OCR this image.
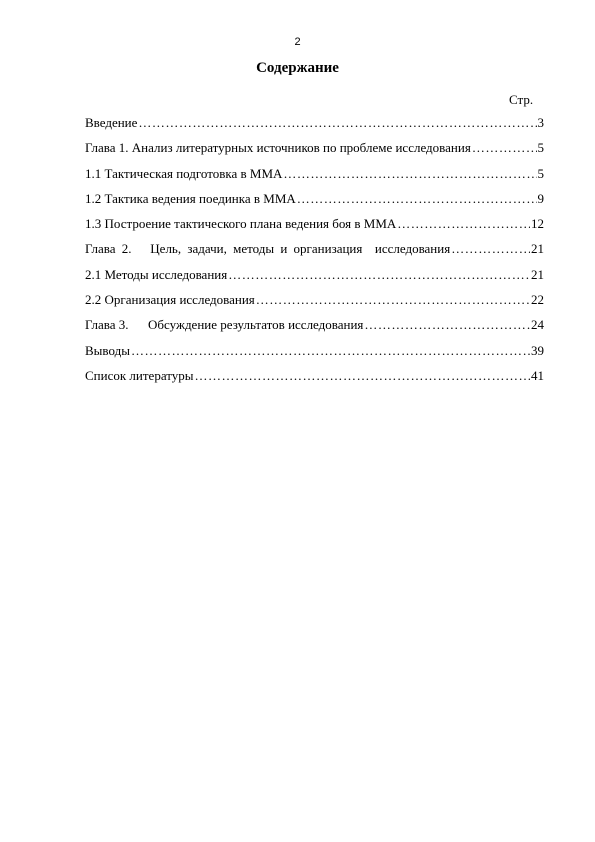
2
Содержание
Стр.
Введение …………………………………………………………………………………………………………………………………………………………	3
Глава 1. Анализ литературных источников по проблеме исследования …………………………………………………………………………………………………………………………………………………………	5
1.1 Тактическая подготовка в ММА …………………………………………………………………………………………………………………………………………………………	5
1.2 Тактика ведения поединка в ММА …………………………………………………………………………………………………………………………………………………………	9
1.3 Построение тактического плана ведения боя в ММА …………………………………………………………………………………………………………………………………………………………	12
Глава 2.   Цель, задачи, методы и организация  исследования …………………………………………………………………………………………………………………………………………………………	21
2.1 Методы исследования …………………………………………………………………………………………………………………………………………………………	21
2.2 Организация исследования …………………………………………………………………………………………………………………………………………………………	22
Глава 3.      Обсуждение результатов исследования …………………………………………………………………………………………………………………………………………………………	24
Выводы …………………………………………………………………………………………………………………………………………………………	39
Список литературы …………………………………………………………………………………………………………………………………………………………	41
